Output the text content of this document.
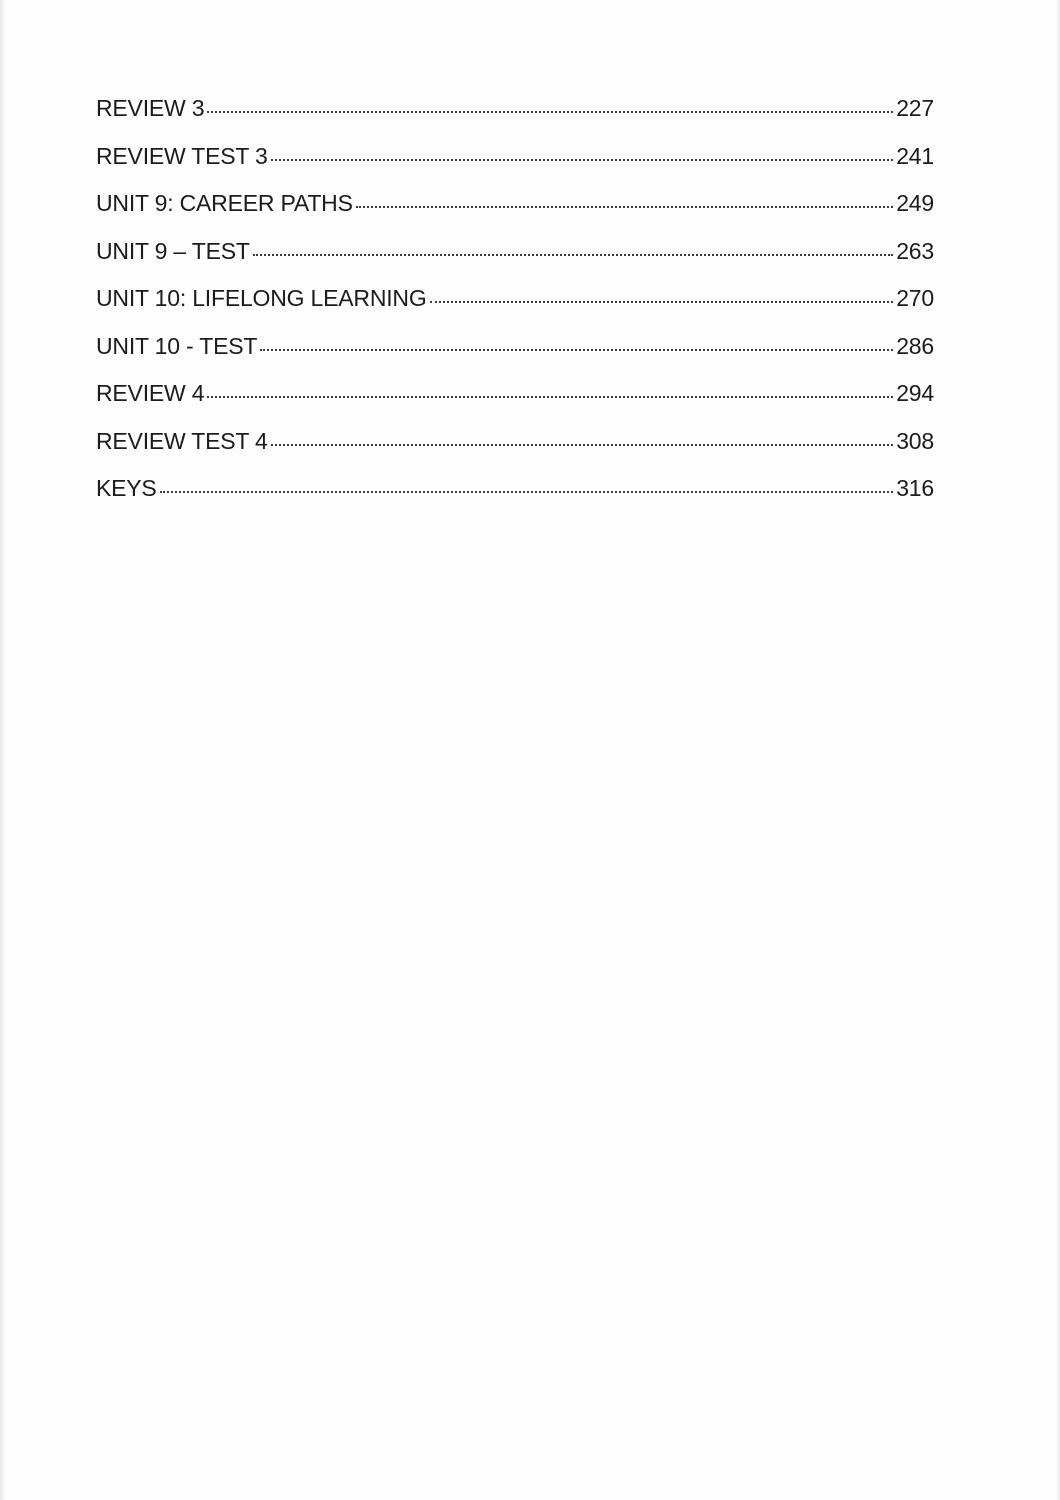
REVIEW 3	227
REVIEW TEST 3	241
UNIT 9: CAREER PATHS	249
UNIT 9 – TEST	263
UNIT 10: LIFELONG LEARNING	270
UNIT 10 - TEST	286
REVIEW 4	294
REVIEW TEST 4	308
KEYS	316
